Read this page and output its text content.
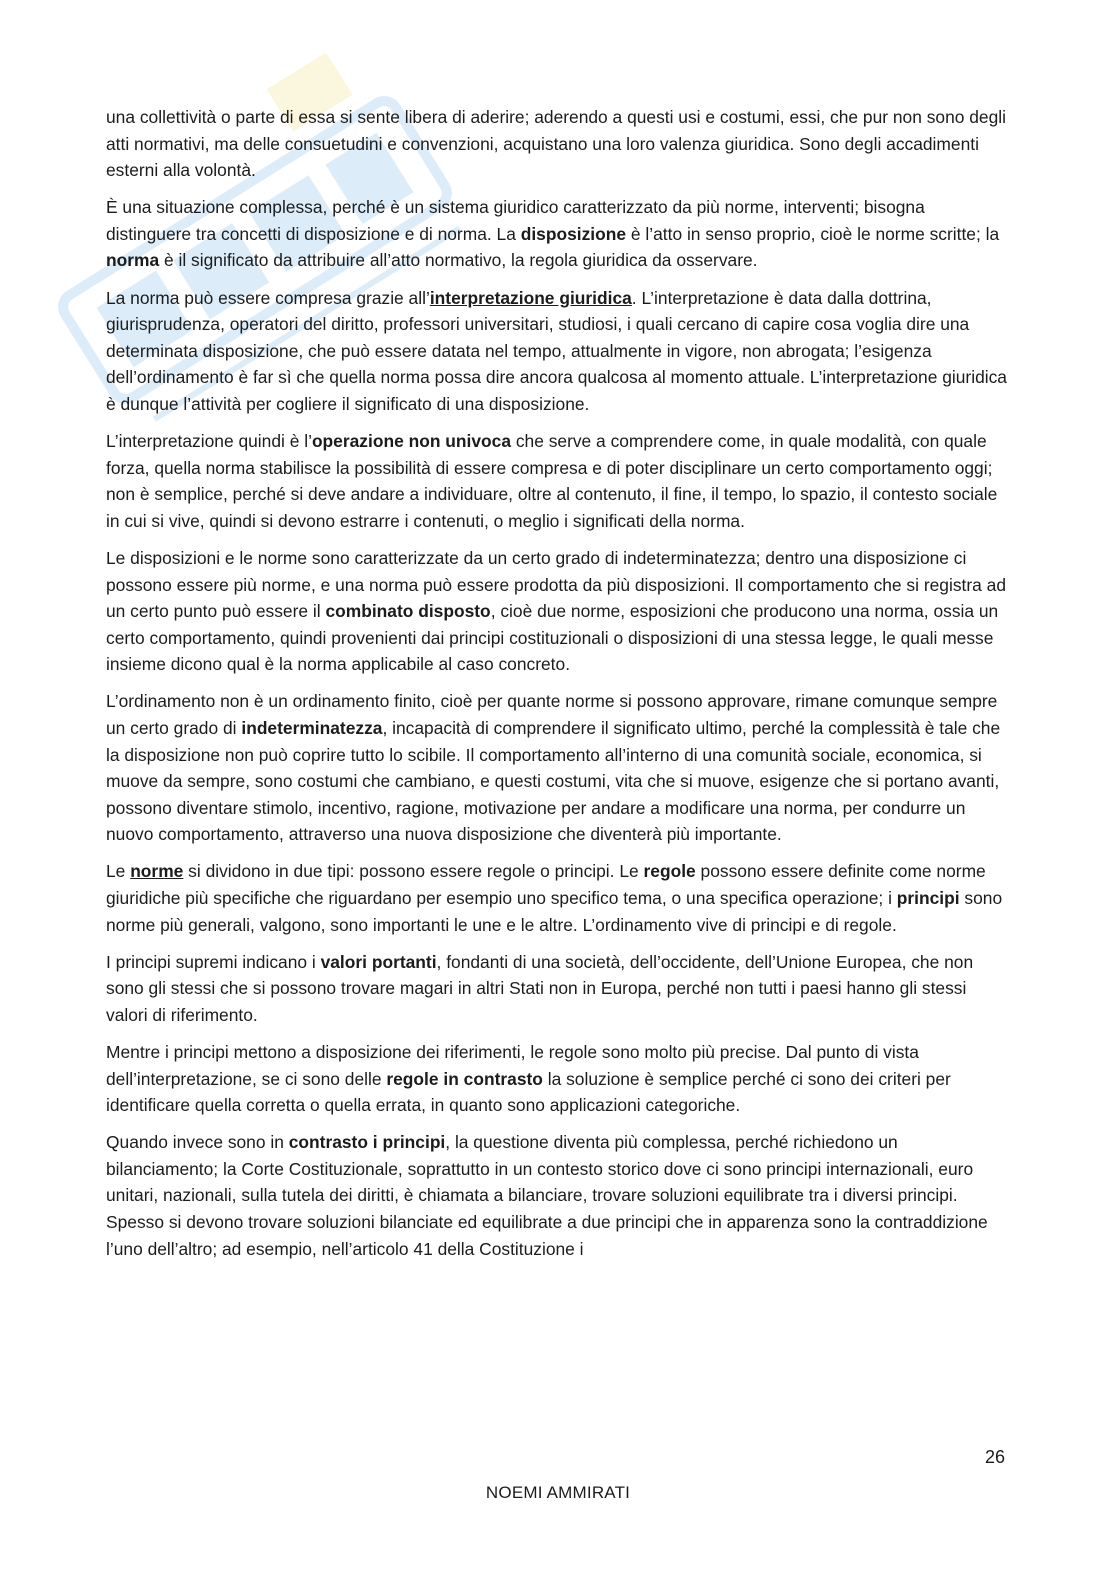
una collettività o parte di essa si sente libera di aderire; aderendo a questi usi e costumi, essi, che pur non sono degli atti normativi, ma delle consuetudini e convenzioni, acquistano una loro valenza giuridica. Sono degli accadimenti esterni alla volontà.

È una situazione complessa, perché è un sistema giuridico caratterizzato da più norme, interventi; bisogna distinguere tra concetti di disposizione e di norma. La disposizione è l’atto in senso proprio, cioè le norme scritte; la norma è il significato da attribuire all’atto normativo, la regola giuridica da osservare.

La norma può essere compresa grazie all’interpretazione giuridica. L’interpretazione è data dalla dottrina, giurisprudenza, operatori del diritto, professori universitari, studiosi, i quali cercano di capire cosa voglia dire una determinata disposizione, che può essere datata nel tempo, attualmente in vigore, non abrogata; l’esigenza dell’ordinamento è far sì che quella norma possa dire ancora qualcosa al momento attuale. L’interpretazione giuridica è dunque l’attività per cogliere il significato di una disposizione.

L’interpretazione quindi è l’operazione non univoca che serve a comprendere come, in quale modalità, con quale forza, quella norma stabilisce la possibilità di essere compresa e di poter disciplinare un certo comportamento oggi; non è semplice, perché si deve andare a individuare, oltre al contenuto, il fine, il tempo, lo spazio, il contesto sociale in cui si vive, quindi si devono estrarre i contenuti, o meglio i significati della norma.

Le disposizioni e le norme sono caratterizzate da un certo grado di indeterminatezza; dentro una disposizione ci possono essere più norme, e una norma può essere prodotta da più disposizioni. Il comportamento che si registra ad un certo punto può essere il combinato disposto, cioè due norme, esposizioni che producono una norma, ossia un certo comportamento, quindi provenienti dai principi costituzionali o disposizioni di una stessa legge, le quali messe insieme dicono qual è la norma applicabile al caso concreto.

L’ordinamento non è un ordinamento finito, cioè per quante norme si possono approvare, rimane comunque sempre un certo grado di indeterminatezza, incapacità di comprendere il significato ultimo, perché la complessità è tale che la disposizione non può coprire tutto lo scibile. Il comportamento all’interno di una comunità sociale, economica, si muove da sempre, sono costumi che cambiano, e questi costumi, vita che si muove, esigenze che si portano avanti, possono diventare stimolo, incentivo, ragione, motivazione per andare a modificare una norma, per condurre un nuovo comportamento, attraverso una nuova disposizione che diventerà più importante.

Le norme si dividono in due tipi: possono essere regole o principi. Le regole possono essere definite come norme giuridiche più specifiche che riguardano per esempio uno specifico tema, o una specifica operazione; i principi sono norme più generali, valgono, sono importanti le une e le altre. L’ordinamento vive di principi e di regole.

I principi supremi indicano i valori portanti, fondanti di una società, dell’occidente, dell’Unione Europea, che non sono gli stessi che si possono trovare magari in altri Stati non in Europa, perché non tutti i paesi hanno gli stessi valori di riferimento.

Mentre i principi mettono a disposizione dei riferimenti, le regole sono molto più precise. Dal punto di vista dell’interpretazione, se ci sono delle regole in contrasto la soluzione è semplice perché ci sono dei criteri per identificare quella corretta o quella errata, in quanto sono applicazioni categoriche.

Quando invece sono in contrasto i principi, la questione diventa più complessa, perché richiedono un bilanciamento; la Corte Costituzionale, soprattutto in un contesto storico dove ci sono principi internazionali, euro unitari, nazionali, sulla tutela dei diritti, è chiamata a bilanciare, trovare soluzioni equilibrate tra i diversi principi. Spesso si devono trovare soluzioni bilanciate ed equilibrate a due principi che in apparenza sono la contraddizione l’uno dell’altro; ad esempio, nell’articolo 41 della Costituzione i

26
NOEMI AMMIRATI
